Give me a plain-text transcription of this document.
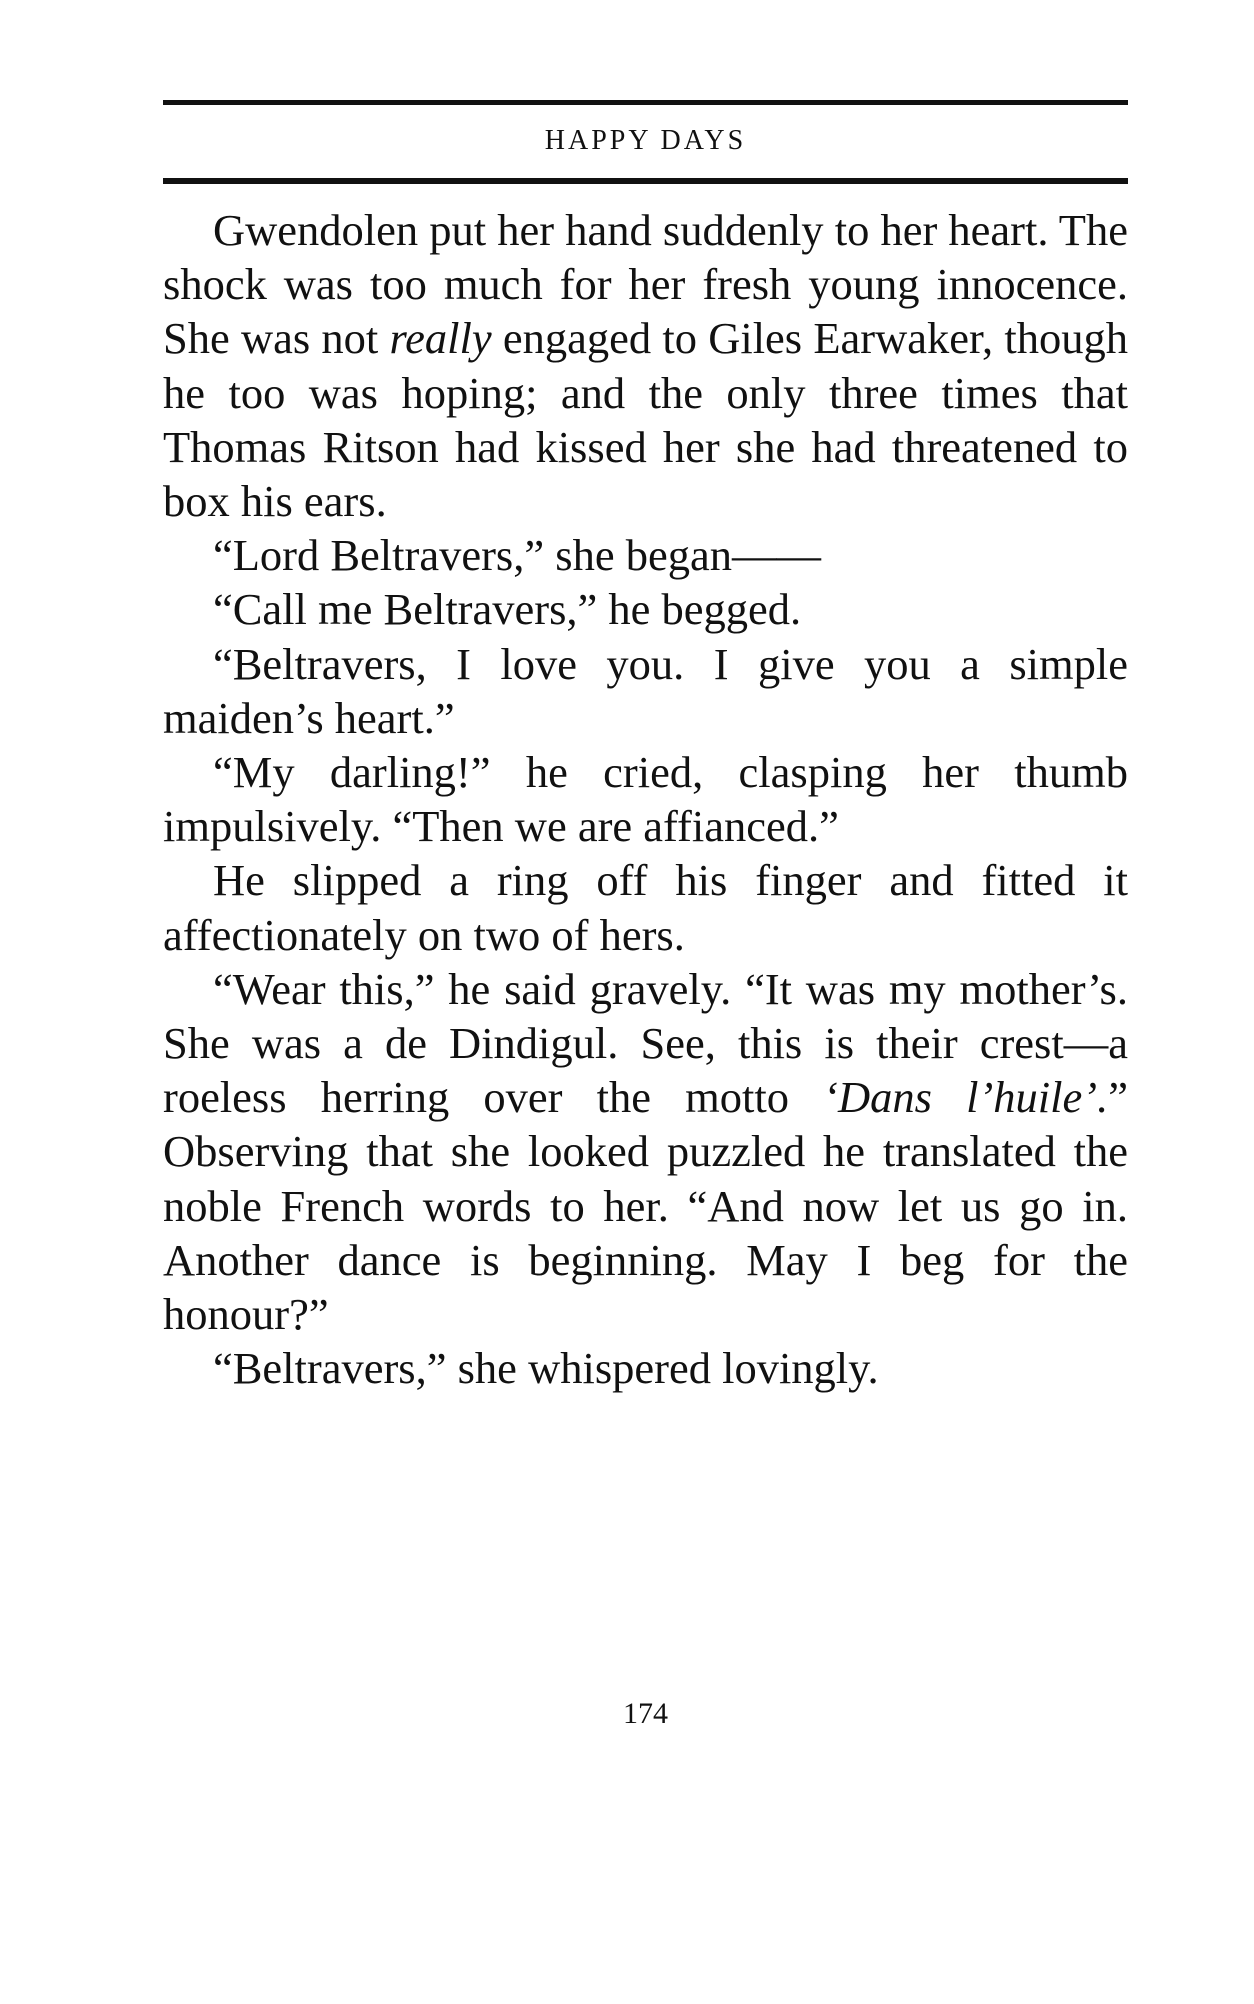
HAPPY DAYS

Gwendolen put her hand suddenly to her heart. The shock was too much for her fresh young innocence. She was not really engaged to Giles Earwaker, though he too was hoping; and the only three times that Thomas Ritson had kissed her she had threatened to box his ears.

“Lord Beltravers,” she began——

“Call me Beltravers,” he begged.

“Beltravers, I love you. I give you a simple maiden’s heart.”

“My darling!” he cried, clasping her thumb impulsively. “Then we are affianced.”

He slipped a ring off his finger and fitted it affectionately on two of hers.

“Wear this,” he said gravely. “It was my mother’s. She was a de Dindigul. See, this is their crest—a roeless herring over the motto ‘Dans l’huile’.” Observing that she looked puzzled he translated the noble French words to her. “And now let us go in. Another dance is beginning. May I beg for the honour?”

“Beltravers,” she whispered lovingly.

174
